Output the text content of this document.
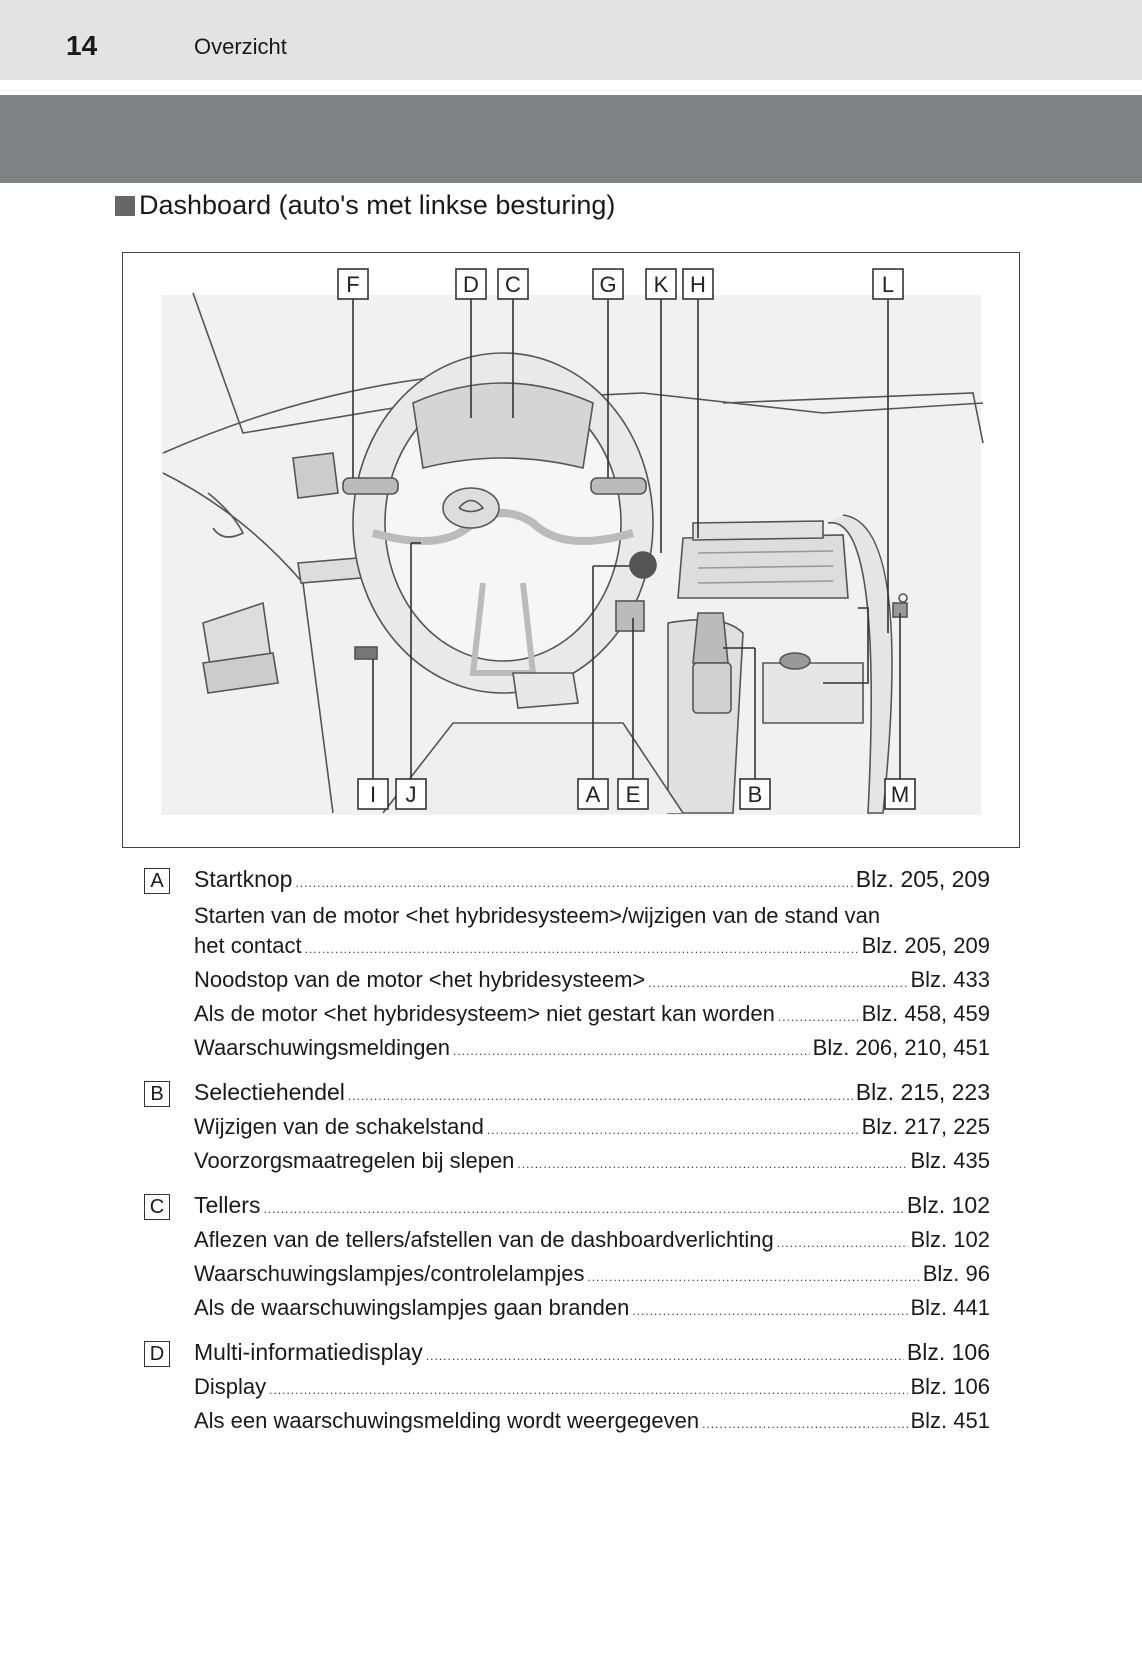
14	Overzicht
Dashboard (auto's met linkse besturing)
F	D C	G K H	L
I J	A E	B	M
A	Startknop .....	Blz. 205, 209
Starten van de motor <het hybridesysteem>/wijzigen van de stand van
het contact .....	Blz. 205, 209
Noodstop van de motor <het hybridesysteem> .....	Blz. 433
Als de motor <het hybridesysteem> niet gestart kan worden .....	Blz. 458, 459
Waarschuwingsmeldingen .....	Blz. 206, 210, 451
B	Selectiehendel .....	Blz. 215, 223
Wijzigen van de schakelstand .....	Blz. 217, 225
Voorzorgsmaatregelen bij slepen .....	Blz. 435
C	Tellers .....	Blz. 102
Aflezen van de tellers/afstellen van de dashboardverlichting .....	Blz. 102
Waarschuwingslampjes/controlelampjes .....	Blz. 96
Als de waarschuwingslampjes gaan branden .....	Blz. 441
D	Multi-informatiedisplay .....	Blz. 106
Display .....	Blz. 106
Als een waarschuwingsmelding wordt weergegeven .....	Blz. 451
